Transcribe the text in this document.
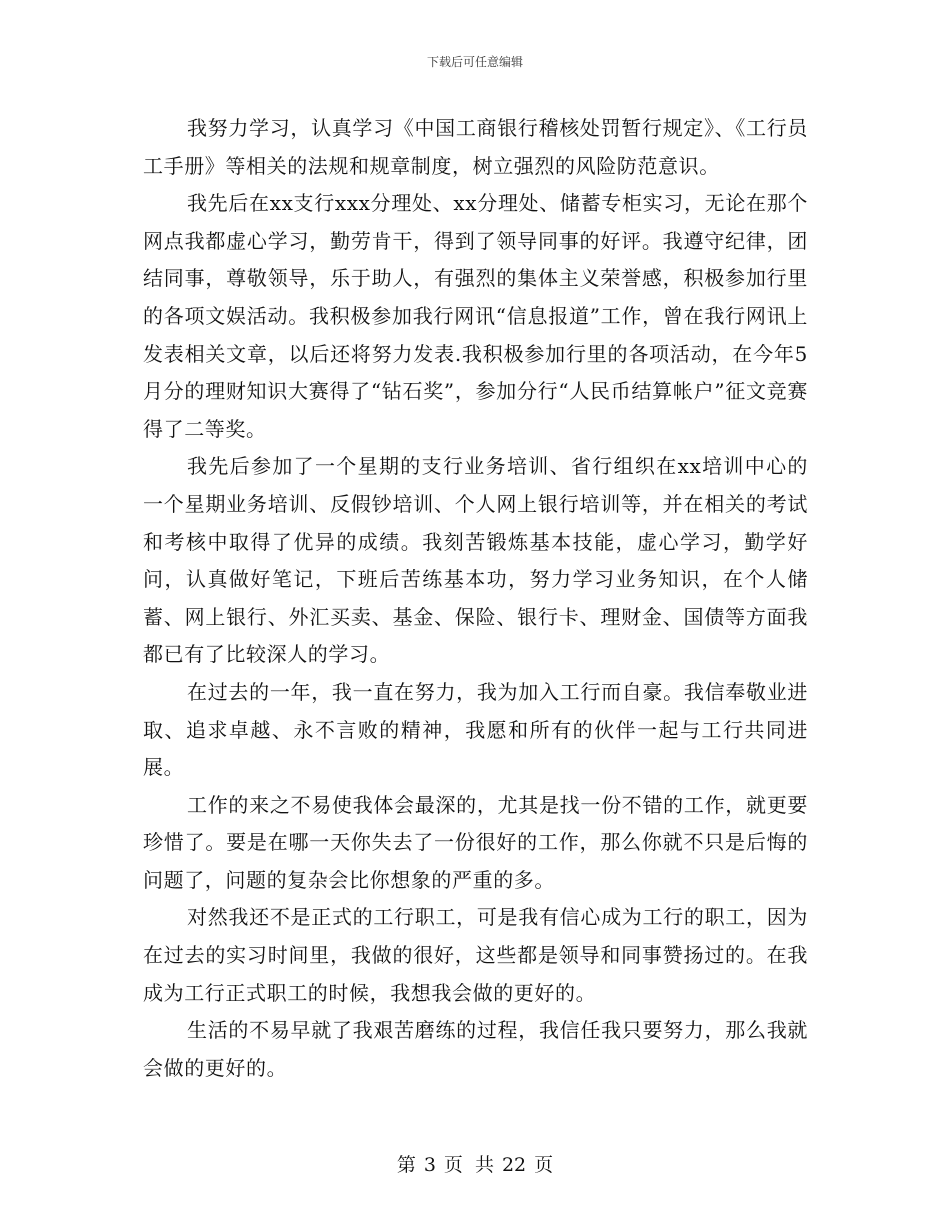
下载后可任意编辑

我努力学习，认真学习《中国工商银行稽核处罚暂行规定》、《工行员工手册》等相关的法规和规章制度，树立强烈的风险防范意识。

我先后在xx支行xxx分理处、xx分理处、储蓄专柜实习，无论在那个网点我都虚心学习，勤劳肯干，得到了领导同事的好评。我遵守纪律，团结同事，尊敬领导，乐于助人，有强烈的集体主义荣誉感，积极参加行里的各项文娱活动。我积极参加我行网讯“信息报道”工作，曾在我行网讯上发表相关文章，以后还将努力发表.我积极参加行里的各项活动，在今年5月分的理财知识大赛得了“钻石奖”，参加分行“人民币结算帐户”征文竞赛得了二等奖。

我先后参加了一个星期的支行业务培训、省行组织在xx培训中心的一个星期业务培训、反假钞培训、个人网上银行培训等，并在相关的考试和考核中取得了优异的成绩。我刻苦锻炼基本技能，虚心学习，勤学好问，认真做好笔记，下班后苦练基本功，努力学习业务知识，在个人储蓄、网上银行、外汇买卖、基金、保险、银行卡、理财金、国债等方面我都已有了比较深人的学习。

在过去的一年，我一直在努力，我为加入工行而自豪。我信奉敬业进取、追求卓越、永不言败的精神，我愿和所有的伙伴一起与工行共同进展。

工作的来之不易使我体会最深的，尤其是找一份不错的工作，就更要珍惜了。要是在哪一天你失去了一份很好的工作，那么你就不只是后悔的问题了，问题的复杂会比你想象的严重的多。

对然我还不是正式的工行职工，可是我有信心成为工行的职工，因为在过去的实习时间里，我做的很好，这些都是领导和同事赞扬过的。在我成为工行正式职工的时候，我想我会做的更好的。

生活的不易早就了我艰苦磨练的过程，我信任我只要努力，那么我就会做的更好的。

第 3 页 共 22 页
